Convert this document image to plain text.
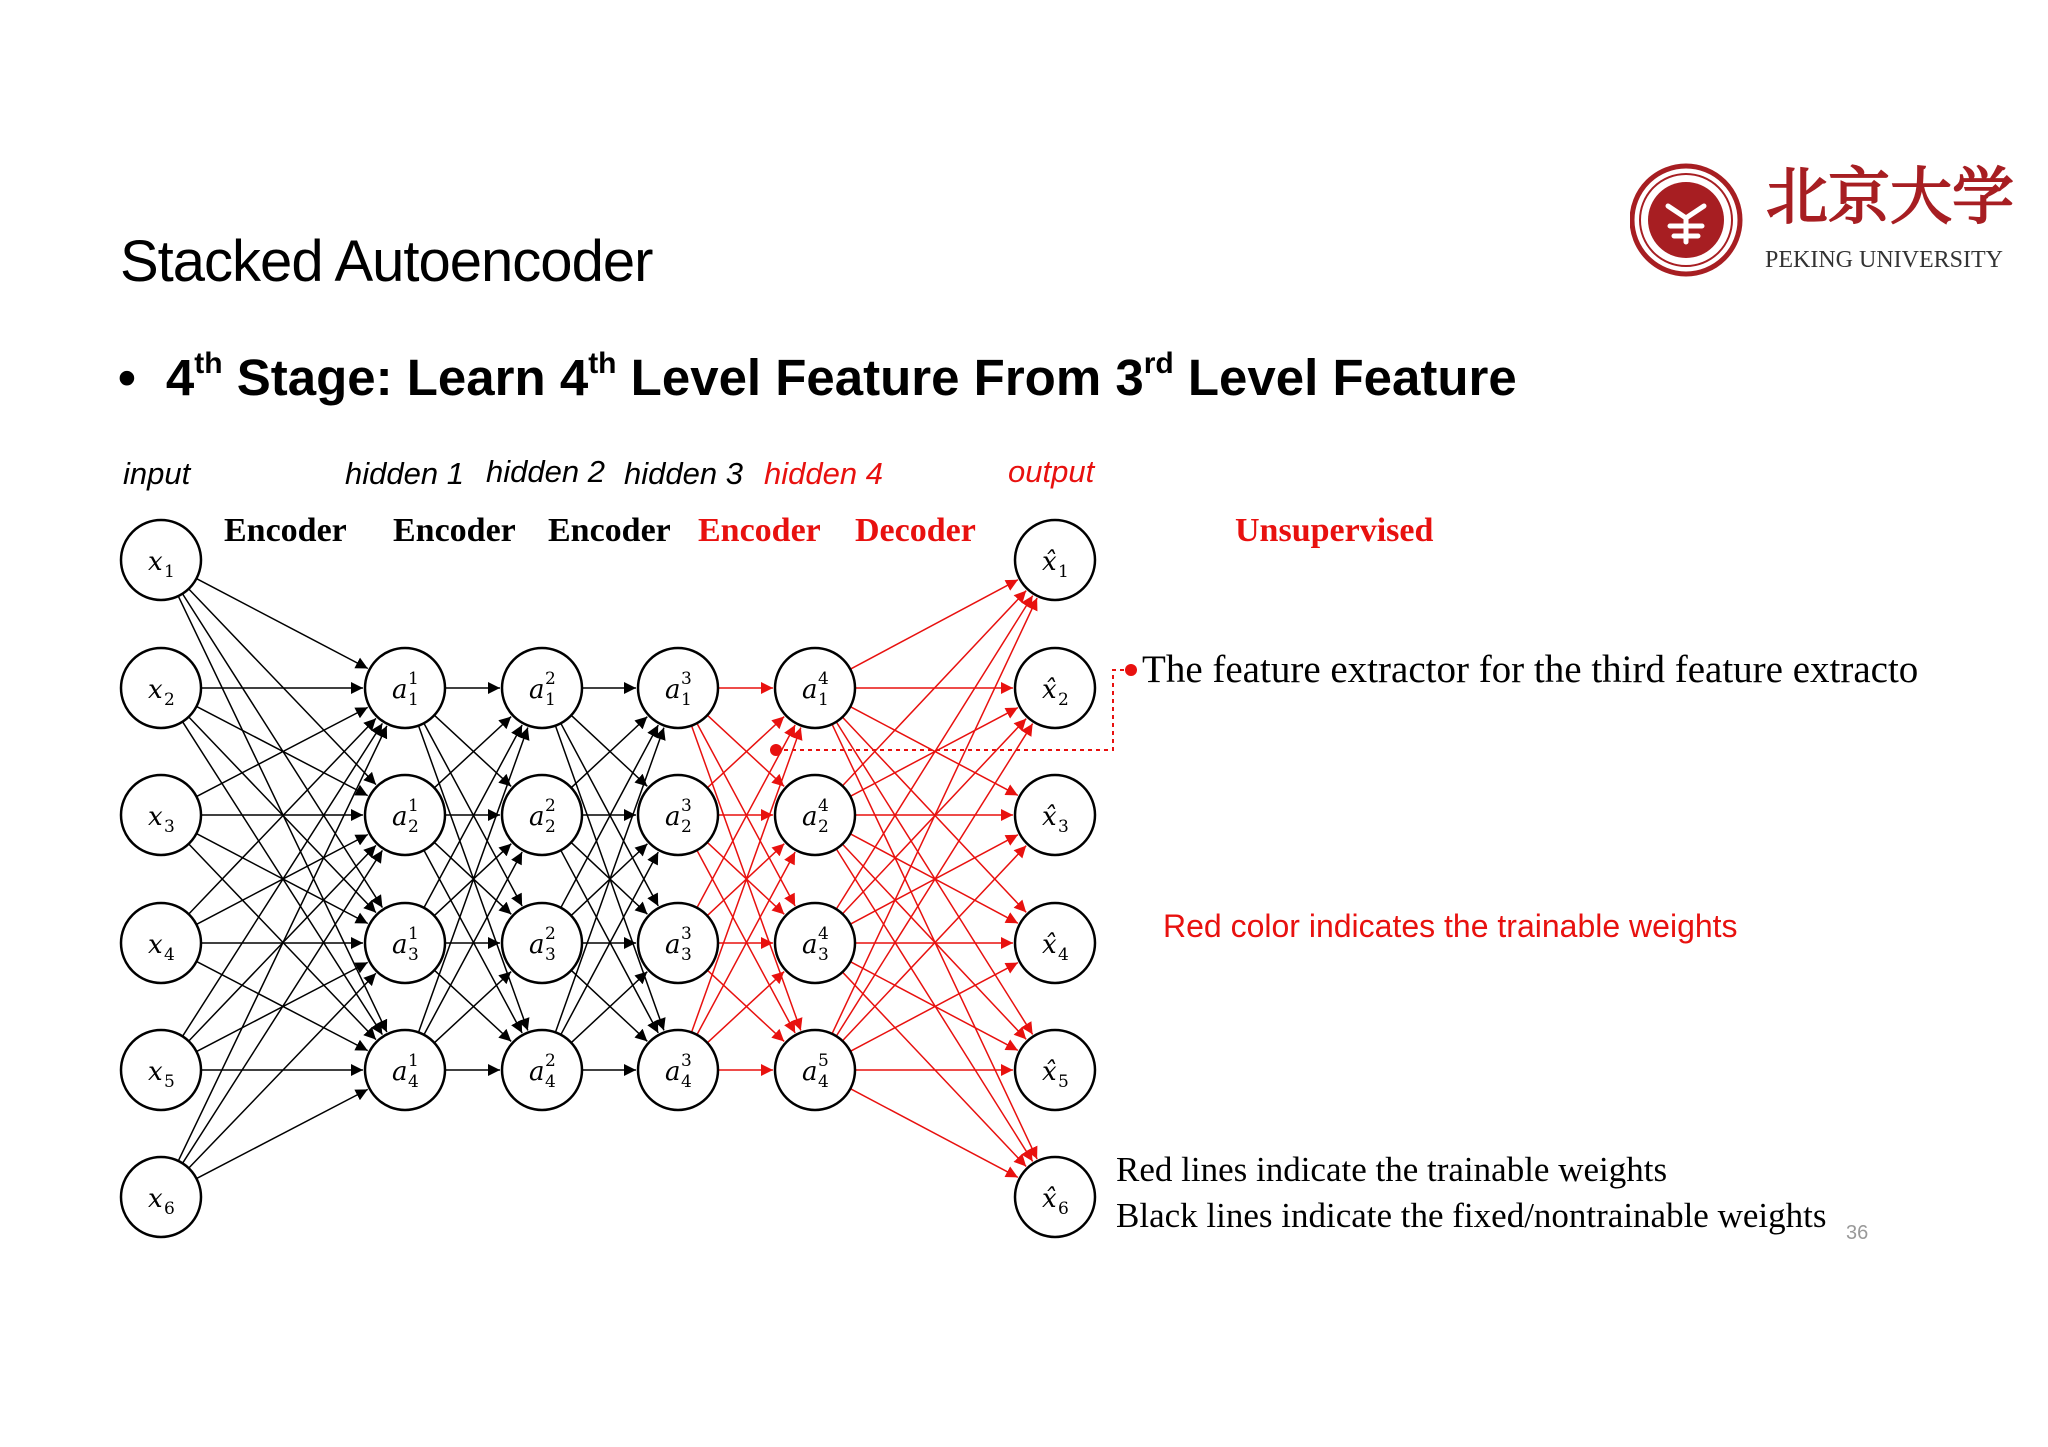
Stacked Autoencoder
• 4th Stage: Learn 4th Level Feature From 3rd Level Feature
北京大学
PEKING UNIVERSITY
input	hidden 1 hidden 2 hidden 3 hidden 4	output
Encoder Encoder Encoder Encoder Decoder	Unsupervised
The feature extractor for the third feature extracto
Red color indicates the trainable weights
Red lines indicate the trainable weights
Black lines indicate the fixed/nontrainable weights 36
x 1
x 2
x 3
x 4
x 5
x 6
a 1
1
a 2
1
a 3
1
a 4
1
a 1
2
a 2
2
a 3
2
a 4
2
a 1
3
a 2
3
a 3
3
a 4
3
a 1
4
a 2
4
a 3
4
a 4
5
x̂ 1
x̂ 2
x̂ 3
x̂ 4
x̂ 5
x̂ 6
